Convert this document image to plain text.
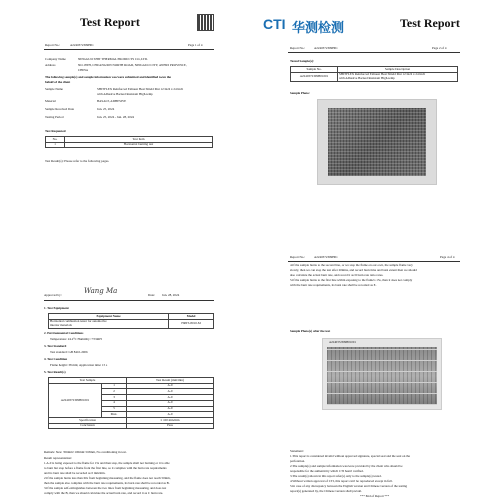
Test Report
Report No.:	A2240372309H01	Page 1 of 4
Company Name	NINGGUO SHIT THERMAL PRODUCTS CO.,LTD.
Address	NO.18TH, CHUANGXIN NORTH ROAD, NINGGUO CITY, ANHUI PROVINCE,
CHINA
The following sample(s) and sample information was/were submitted and identified to/on the
behalf of the client
Sample Name	SHITFLEX Reinforced Exhaust Heat Shield Mat 12 Inch x 24 Inch
with Adhesive Backed Resistant High-temp
Material	BASALT, ADHESIVE
Sample Received Date	Jun. 25, 2024
Testing Period	Jun. 25, 2024 - Jun. 28, 2024
Test Requested
No.	Test Item
1	Horizontal burning test
Test Result(s): Please refer to the following pages.
CTI 华测检测	Test Report
Report No.:	A2240372309H01	Page 2 of 4
Tested Sample(s):
Sample No.	Sample Description
A2240372309H01001	SHITFLEX Reinforced Exhaust Heat Shield Mat 12 Inch x 24 Inch
with Adhesive Backed Resistant High-temp
Sample Photo:
Approved by:	Wang Ma	Date: Jun. 28, 2024
1. Test Equipment
Equipment Name	Model

Horizontal combustion tester for automotive
interior materials	HRTS-8010-M
2. Environmental Conditions
Temperature: 24.2°C Humidity: 73%RH
3. Test Standard
Test standard: GB 8410-2006
4. Test Condition
Flame height: 38 mm; Application time: 15 s
5. Test Result(s)
Test Sample		Test Result (mm/min)
A2240372309H01001	1	A-0
	2	A-0
	3	A-0
	4	A-0
	5	A-0
	Max.	A-0
Specification		≤ 100 mm/min
Conclusion		Pass
Remark: Size: 356mm×100mm×0.8mm, No conditioning in test.
Result representation:
1.A-0 is being exposed to the flame for 15s and then stop, the sample shall not burning or it is able
to burn but stop before a flame front the first line, so it complies with the burn rate requirements
and its burn rate shall be recorded as 0 mm/min.
2.If the sample burns less than 60s from beginning measuring, and the flame does not reach 50mm,
then the sample also complies with the burn rate requirements, its burn rate shall be recorded as B.
3.If the sample self-extinguishes between the two lines from beginning measuring, and does not
comply with the B, then we should calculate the actual burn rate, and record it as C burn rate.
Report No.:	A2240372309H01	Page 4 of 4
4.If the sample burns to the second line, or we stop the flame on our own, the sample flame very
slowly, then we can stop the test after 20mins, and record burn time and burn extent then we should
also calculate the actual burn rate, and record it as D burn rate ratio rates.
5.If the sample burns to the first line within exposing to the flame's 15s, then it does not comply
with the burn rate requirements, its burn rate shall be recorded as E.
Sample Photo(s) after the test
A2240372309H01001
Statement:
1.This report is considered invalid without approved signature, special seal and the seal on the
perforation.
2.The sample(s) and sample information was/were provided by the client who should be
responsible for the authenticity which CTI hasn't verified.
3.The result(s) shown in this report refer(s) only to the sample(s) tested.
4.Without written approval of CTI, this report can't be reproduced except in full.
5.In case of any discrepancy between the English version and Chinese version of the testing
report(s) generated by, the Chinese version shall prevail.
*** End of Report ***
